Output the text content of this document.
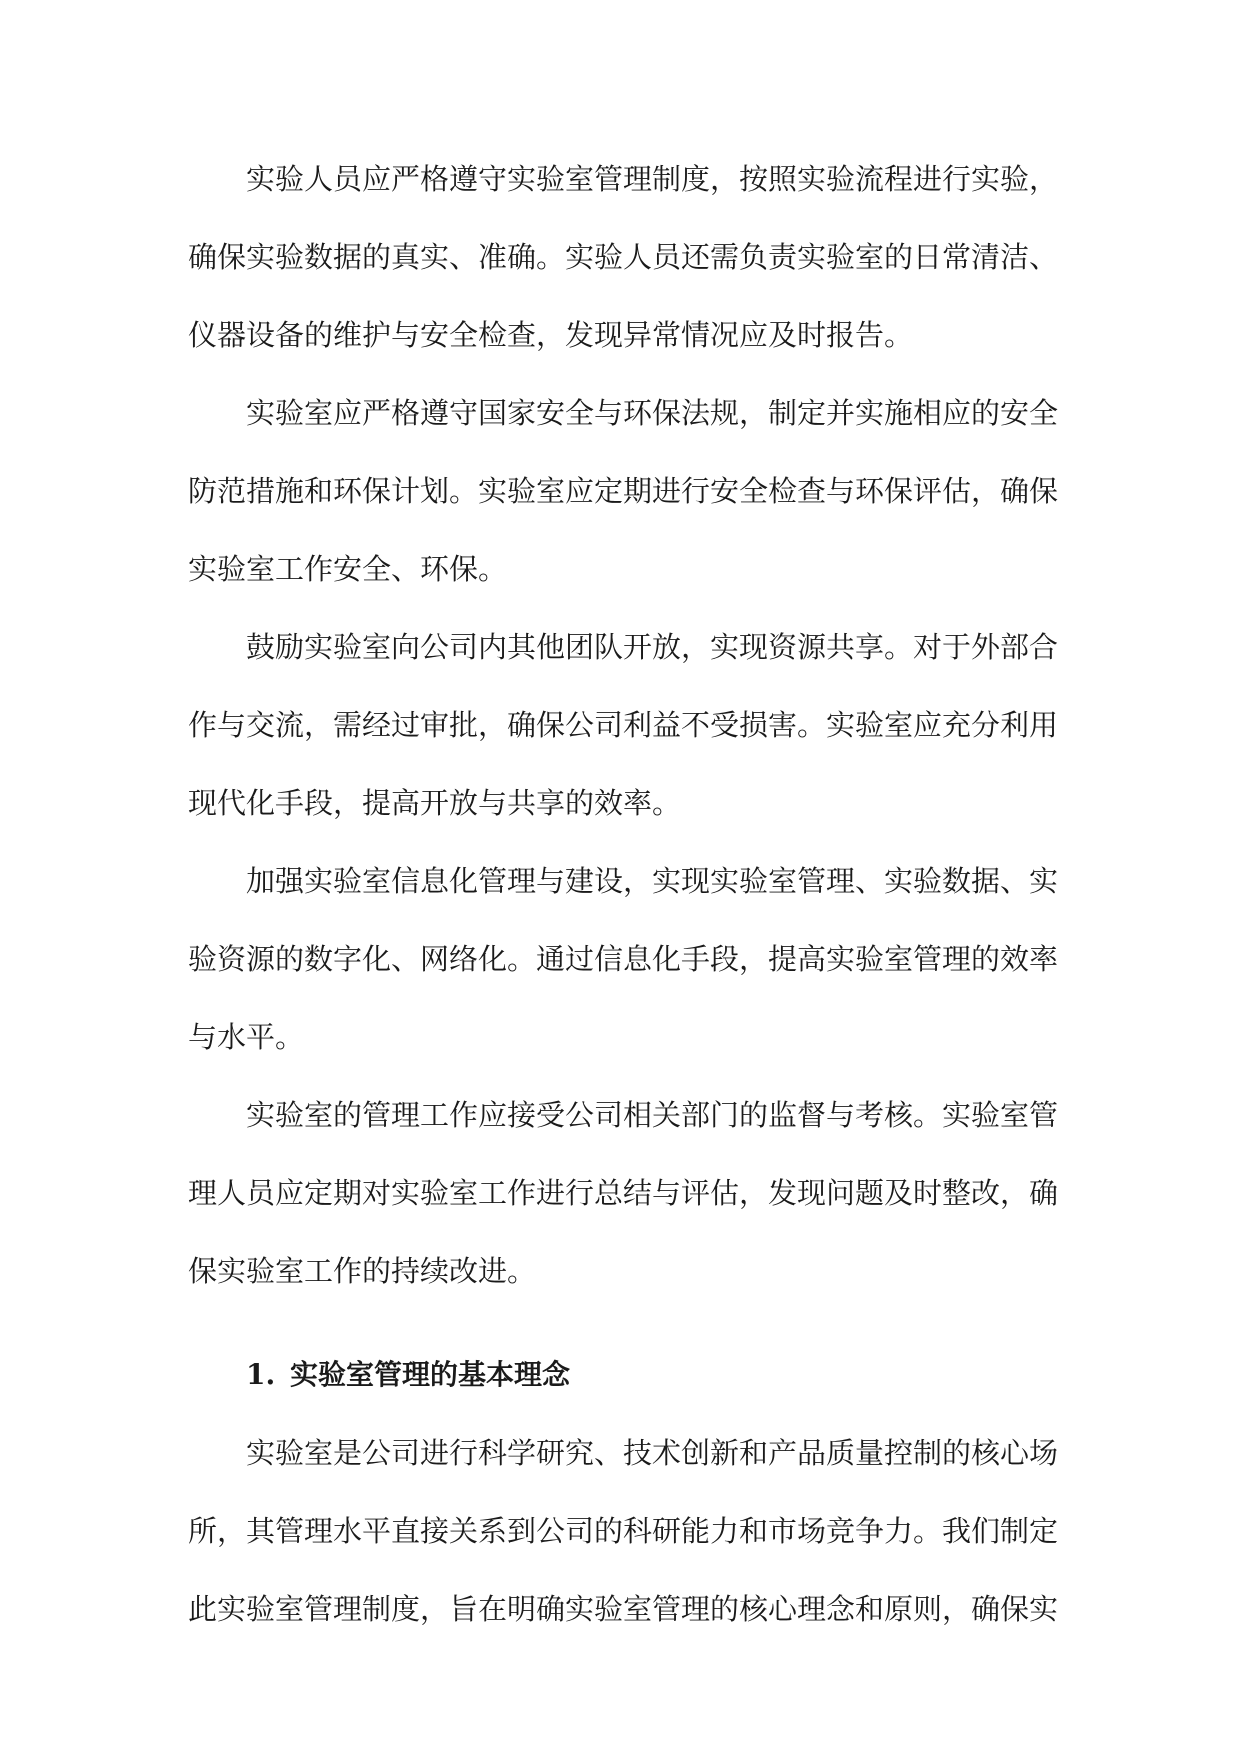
实验人员应严格遵守实验室管理制度，按照实验流程进行实验，
确保实验数据的真实、准确。实验人员还需负责实验室的日常清洁、
仪器设备的维护与安全检查，发现异常情况应及时报告。
实验室应严格遵守国家安全与环保法规，制定并实施相应的安全
防范措施和环保计划。实验室应定期进行安全检查与环保评估，确保
实验室工作安全、环保。
鼓励实验室向公司内其他团队开放，实现资源共享。对于外部合
作与交流，需经过审批，确保公司利益不受损害。实验室应充分利用
现代化手段，提高开放与共享的效率。
加强实验室信息化管理与建设，实现实验室管理、实验数据、实
验资源的数字化、网络化。通过信息化手段，提高实验室管理的效率
与水平。
实验室的管理工作应接受公司相关部门的监督与考核。实验室管
理人员应定期对实验室工作进行总结与评估，发现问题及时整改，确
保实验室工作的持续改进。
1. 实验室管理的基本理念
实验室是公司进行科学研究、技术创新和产品质量控制的核心场
所，其管理水平直接关系到公司的科研能力和市场竞争力。我们制定
此实验室管理制度，旨在明确实验室管理的核心理念和原则，确保实
